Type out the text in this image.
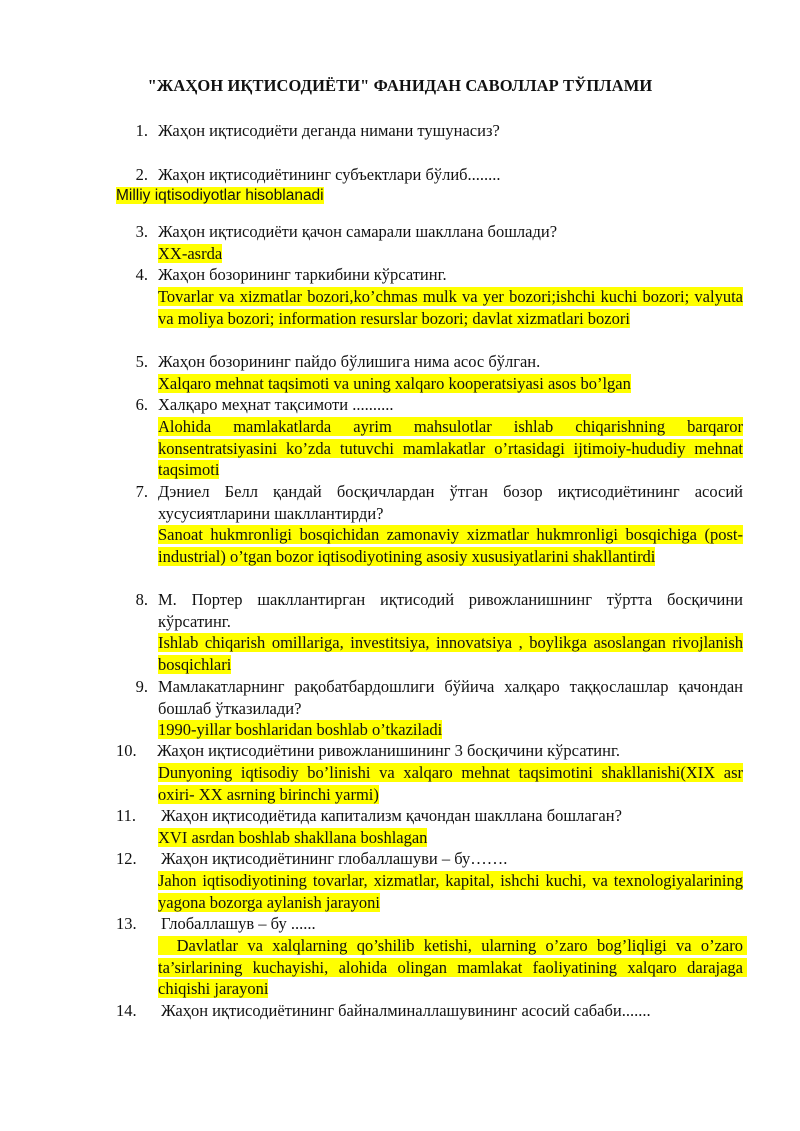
"ЖАҲОН ИҚТИСОДИЁТИ" ФАНИДАН САВОЛЛАР ТЎПЛАМИ
1. Жаҳон иқтисодиёти деганда нимани тушунасиз?
2. Жаҳон иқтисодиётининг субъектлари бўлиб........
Milliy iqtisodiyotlar hisoblanadi
3. Жаҳон иқтисодиёти қачон самарали шакллана бошлади?
XX-asrda
4. Жаҳон бозорининг таркибини кўрсатинг.
Tovarlar va xizmatlar bozori,ko’chmas mulk va yer bozori;ishchi kuchi bozori; valyuta va moliya bozori; information resurslar bozori; davlat xizmatlari bozori
5. Жаҳон бозорининг пайдо бўлишига нима асос бўлган.
Xalqaro mehnat taqsimoti va uning xalqaro kooperatsiyasi asos bo’lgan
6. Халқаро меҳнат тақсимоти ..........
Alohida mamlakatlarda ayrim mahsulotlar ishlab chiqarishning barqaror konsentratsiyasini ko’zda tutuvchi mamlakatlar o’rtasidagi ijtimoiy-hududiy mehnat taqsimoti
7. Дэниел Белл қандай босқичлардан ўтган бозор иқтисодиётининг асосий хусусиятларини шакллантирди?
Sanoat hukmronligi bosqichidan zamonaviy xizmatlar hukmronligi bosqichiga (post-industrial) o’tgan bozor iqtisodiyotining asosiy xususiyatlarini shakllantirdi
8. М. Портер шакллантирган иқтисодий ривожланишнинг тўртта босқичини кўрсатинг.
Ishlab chiqarish omillariga, investitsiya, innovatsiya , boylikga asoslangan rivojlanish bosqichlari
9. Мамлакатларнинг рақобатбардошлиги бўйича халқаро таққослашлар қачондан бошлаб ўтказилади?
1990-yillar boshlaridan boshlab o’tkaziladi
10.	Жаҳон иқтисодиётини ривожланишининг 3 босқичини кўрсатинг.
Dunyoning iqtisodiy bo’linishi va xalqaro mehnat taqsimotini shakllanishi(XIX asr oxiri- XX asrning birinchi yarmi)
11.	Жаҳон иқтисодиётида капитализм қачондан шакллана бошлаган?
XVI asrdan boshlab shakllana boshlagan
12.	Жаҳон иқтисодиётининг глобаллашуви – бу…….
Jahon iqtisodiyotining tovarlar, xizmatlar, kapital, ishchi kuchi, va texnologiyalarining yagona bozorga aylanish jarayoni
13.	Глобаллашув – бу ......
Davlatlar va xalqlarning qo’shilib ketishi, ularning o’zaro bog’liqligi va o’zaro ta’sirlarining kuchayishi, alohida olingan mamlakat faoliyatining xalqaro darajaga chiqishi jarayoni
14.	Жаҳон иқтисодиётининг байналминаллашувининг асосий сабаби.......
